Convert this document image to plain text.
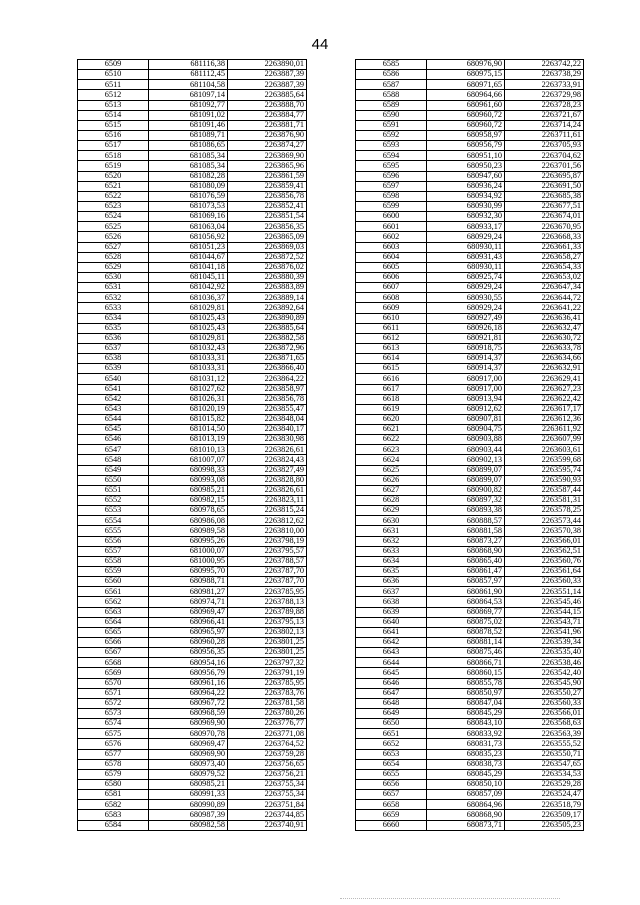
44
6509	681116,38	2263890,01
6510	681112,45	2263887,39
6511	681104,58	2263887,39
6512	681097,14	2263885,64
6513	681092,77	2263888,70
6514	681091,02	2263884,77
6515	681091,46	2263881,71
6516	681089,71	2263876,90
6517	681086,65	2263874,27
6518	681085,34	2263869,90
6519	681085,34	2263865,96
6520	681082,28	2263861,59
6521	681080,09	2263859,41
6522	681076,59	2263856,78
6523	681073,53	2263852,41
6524	681069,16	2263851,54
6525	681063,04	2263856,35
6526	681056,92	2263865,09
6527	681051,23	2263869,03
6528	681044,67	2263872,52
6529	681041,18	2263876,02
6530	681045,11	2263880,39
6531	681042,92	2263883,89
6532	681036,37	2263889,14
6533	681029,81	2263892,64
6534	681025,43	2263890,89
6535	681025,43	2263885,64
6536	681029,81	2263882,58
6537	681032,43	2263872,96
6538	681033,31	2263871,65
6539	681033,31	2263866,40
6540	681031,12	2263864,22
6541	681027,62	2263858,97
6542	681026,31	2263856,78
6543	681020,19	2263855,47
6544	681015,82	2263848,04
6545	681014,50	2263840,17
6546	681013,19	2263830,98
6547	681010,13	2263826,61
6548	681007,07	2263824,43
6549	680998,33	2263827,49
6550	680993,08	2263828,80
6551	680985,21	2263826,61
6552	680982,15	2263823,11
6553	680978,65	2263815,24
6554	680986,08	2263812,62
6555	680989,58	2263810,00
6556	680995,26	2263798,19
6557	681000,07	2263795,57
6558	681000,95	2263788,57
6559	680995,70	2263787,70
6560	680988,71	2263787,70
6561	680981,27	2263785,95
6562	680974,71	2263788,13
6563	680969,47	2263789,88
6564	680966,41	2263795,13
6565	680965,97	2263802,13
6566	680960,28	2263801,25
6567	680956,35	2263801,25
6568	680954,16	2263797,32
6569	680956,79	2263791,19
6570	680961,16	2263785,95
6571	680964,22	2263783,76
6572	680967,72	2263781,58
6573	680968,59	2263780,26
6574	680969,90	2263776,77
6575	680970,78	2263771,08
6576	680969,47	2263764,52
6577	680969,90	2263759,28
6578	680973,40	2263756,65
6579	680979,52	2263756,21
6580	680985,21	2263755,34
6581	680991,33	2263755,34
6582	680990,89	2263751,84
6583	680987,39	2263744,85
6584	680982,58	2263740,91
6585	680976,90	2263742,22
6586	680975,15	2263738,29
6587	680971,65	2263733,91
6588	680964,66	2263729,98
6589	680961,60	2263728,23
6590	680960,72	2263721,67
6591	680960,72	2263714,24
6592	680958,97	2263711,61
6593	680956,79	2263705,93
6594	680951,10	2263704,62
6595	680950,23	2263701,56
6596	680947,60	2263695,87
6597	680936,24	2263691,50
6598	680934,92	2263685,38
6599	680930,99	2263677,51
6600	680932,30	2263674,01
6601	680933,17	2263670,95
6602	680929,24	2263668,33
6603	680930,11	2263661,33
6604	680931,43	2263658,27
6605	680930,11	2263654,33
6606	680925,74	2263653,02
6607	680929,24	2263647,34
6608	680930,55	2263644,72
6609	680929,24	2263641,22
6610	680927,49	2263636,41
6611	680926,18	2263632,47
6612	680921,81	2263630,72
6613	680918,75	2263633,78
6614	680914,37	2263634,66
6615	680914,37	2263632,91
6616	680917,00	2263629,41
6617	680917,00	2263627,23
6618	680913,94	2263622,42
6619	680912,62	2263617,17
6620	680907,81	2263612,36
6621	680904,75	2263611,92
6622	680903,88	2263607,99
6623	680903,44	2263603,61
6624	680902,13	2263599,68
6625	680899,07	2263595,74
6626	680899,07	2263590,93
6627	680900,82	2263587,44
6628	680897,32	2263581,31
6629	680893,38	2263578,25
6630	680888,57	2263573,44
6631	680881,58	2263570,38
6632	680873,27	2263566,01
6633	680868,90	2263562,51
6634	680865,40	2263560,76
6635	680861,47	2263561,64
6636	680857,97	2263560,33
6637	680861,90	2263551,14
6638	680864,53	2263545,46
6639	680869,77	2263544,15
6640	680875,02	2263543,71
6641	680878,52	2263541,96
6642	680881,14	2263539,34
6643	680875,46	2263535,40
6644	680866,71	2263538,46
6645	680860,15	2263542,40
6646	680855,78	2263545,90
6647	680850,97	2263550,27
6648	680847,04	2263560,33
6649	680845,29	2263566,01
6650	680843,10	2263568,63
6651	680833,92	2263563,39
6652	680831,73	2263555,52
6653	680835,23	2263550,71
6654	680838,73	2263547,65
6655	680845,29	2263534,53
6656	680850,10	2263529,28
6657	680857,09	2263524,47
6658	680864,96	2263518,79
6659	680868,90	2263509,17
6660	680873,71	2263505,23
